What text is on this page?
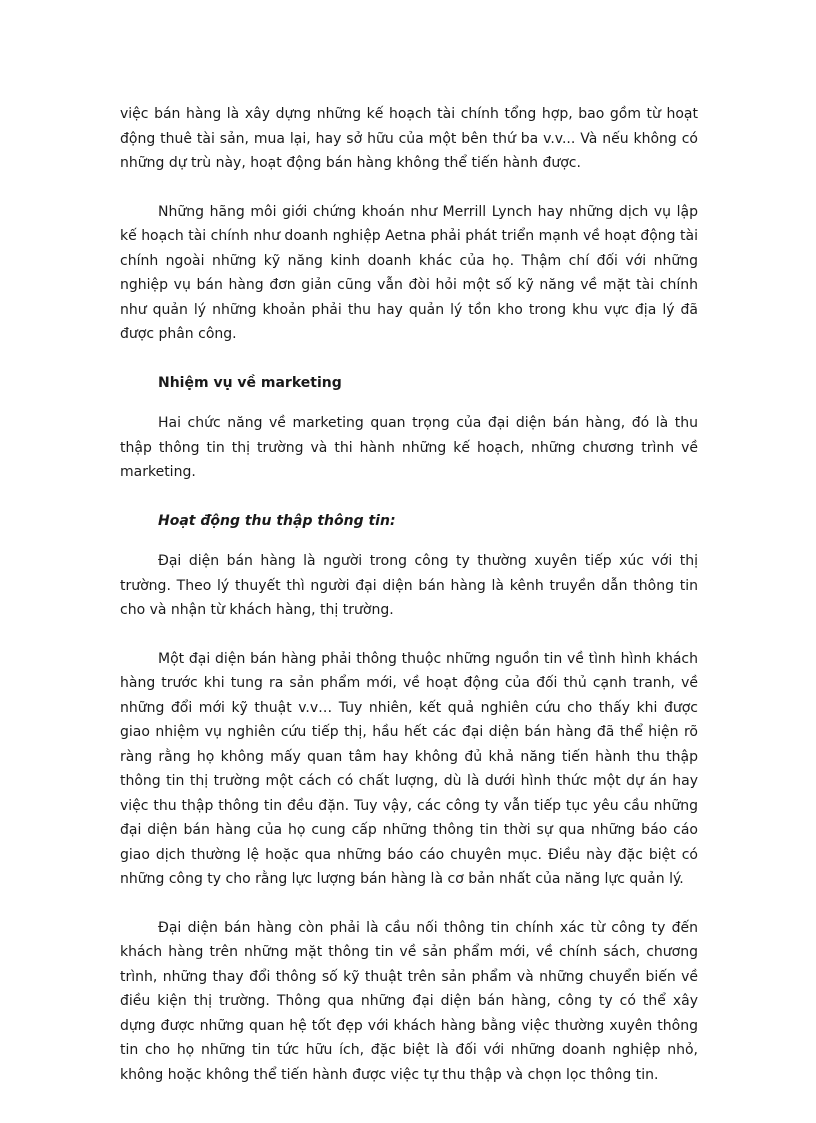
việc bán hàng là xây dựng những kế hoạch tài chính tổng hợp, bao gồm từ hoạt động thuê tài sản, mua lại, hay sở hữu của một bên thứ ba v.v... Và nếu không có những dự trù này, hoạt động bán hàng không thể tiến hành được.

Những hãng môi giới chứng khoán như Merrill Lynch hay những dịch vụ lập kế hoạch tài chính như doanh nghiệp Aetna phải phát triển mạnh về hoạt động tài chính ngoài những kỹ năng kinh doanh khác của họ. Thậm chí đối với những nghiệp vụ bán hàng đơn giản cũng vẫn đòi hỏi một số kỹ năng về mặt tài chính như quản lý những khoản phải thu hay quản lý tồn kho trong khu vực địa lý đã được phân công.

Nhiệm vụ về marketing

Hai chức năng về marketing quan trọng của đại diện bán hàng, đó là thu thập thông tin thị trường và thi hành những kế hoạch, những chương trình về marketing.

Hoạt động thu thập thông tin:

Đại diện bán hàng là người trong công ty thường xuyên tiếp xúc với thị trường. Theo lý thuyết thì người đại diện bán hàng là kênh truyền dẫn thông tin cho và nhận từ khách hàng, thị trường.

Một đại diện bán hàng phải thông thuộc những nguồn tin về tình hình khách hàng trước khi tung ra sản phẩm mới, về hoạt động của đối thủ cạnh tranh, về những đổi mới kỹ thuật v.v… Tuy nhiên, kết quả nghiên cứu cho thấy khi được giao nhiệm vụ nghiên cứu tiếp thị, hầu hết các đại diện bán hàng đã thể hiện rõ ràng rằng họ không mấy quan tâm hay không đủ khả năng tiến hành thu thập thông tin thị trường một cách có chất lượng, dù là dưới hình thức một dự án hay việc thu thập thông tin đều đặn. Tuy vậy, các công ty vẫn tiếp tục yêu cầu những đại diện bán hàng của họ cung cấp những thông tin thời sự qua những báo cáo giao dịch thường lệ hoặc qua những báo cáo chuyên mục. Điều này đặc biệt có những công ty cho rằng lực lượng bán hàng là cơ bản nhất của năng lực quản lý.

Đại diện bán hàng còn phải là cầu nối thông tin chính xác từ công ty đến khách hàng trên những mặt thông tin về sản phẩm mới, về chính sách, chương trình, những thay đổi thông số kỹ thuật trên sản phẩm và những chuyển biến về điều kiện thị trường. Thông qua những đại diện bán hàng, công ty có thể xây dựng được những quan hệ tốt đẹp với khách hàng bằng việc thường xuyên thông tin cho họ những tin tức hữu ích, đặc biệt là đối với những doanh nghiệp nhỏ, không hoặc không thể tiến hành được việc tự thu thập và chọn lọc thông tin.
